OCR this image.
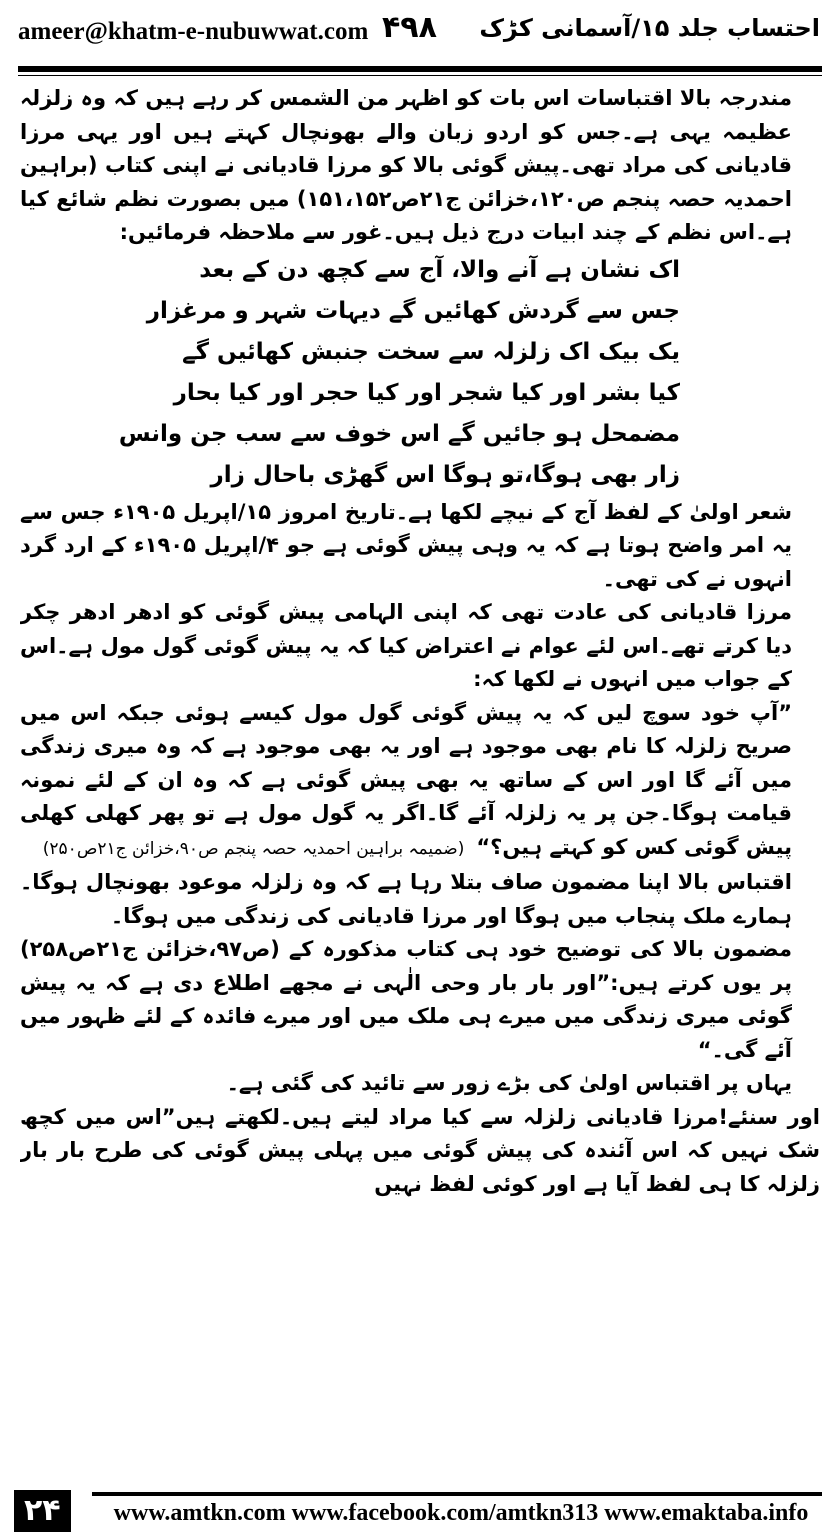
ameer@khatm-e-nubuwwat.com ۴۹۸ احتساب جلد ۱۵/آسمانی کڑک

مندرجہ بالا اقتباسات اس بات کو اظہر من الشمس کر رہے ہیں کہ وہ زلزلہ عظیمہ یہی ہے۔جس کو اردو زبان والے بھونچال کہتے ہیں اور یہی مرزا قادیانی کی مراد تھی۔پیش گوئی بالا کو مرزا قادیانی نے اپنی کتاب (براہین احمدیہ حصہ پنجم ص۱۲۰،خزائن ج۲۱ص۱۵۱،۱۵۲) میں بصورت نظم شائع کیا ہے۔اس نظم کے چند ابیات درج ذیل ہیں۔غور سے ملاحظہ فرمائیں:

اک نشان ہے آنے والا، آج سے کچھ دن کے بعد
جس سے گردش کھائیں گے دیہات شہر و مرغزار
یک بیک اک زلزلہ سے سخت جنبش کھائیں گے
کیا بشر اور کیا شجر اور کیا حجر اور کیا بحار
مضمحل ہو جائیں گے اس خوف سے سب جن وانس
زار بھی ہوگا،تو ہوگا اس گھڑی باحال زار

شعر اولیٰ کے لفظ آج کے نیچے لکھا ہے۔تاریخ امروز ۱۵/اپریل ۱۹۰۵ء جس سے یہ امر واضح ہوتا ہے کہ یہ وہی پیش گوئی ہے جو ۴/اپریل ۱۹۰۵ء کے ارد گرد انہوں نے کی تھی۔

مرزا قادیانی کی عادت تھی کہ اپنی الہامی پیش گوئی کو ادھر ادھر چکر دیا کرتے تھے۔اس لئے عوام نے اعتراض کیا کہ یہ پیش گوئی گول مول ہے۔اس کے جواب میں انہوں نے لکھا کہ:

”آپ خود سوچ لیں کہ یہ پیش گوئی گول مول کیسے ہوئی جبکہ اس میں صریح زلزلہ کا نام بھی موجود ہے اور یہ بھی موجود ہے کہ وہ میری زندگی میں آئے گا اور اس کے ساتھ یہ بھی پیش گوئی ہے کہ وہ ان کے لئے نمونہ قیامت ہوگا۔جن پر یہ زلزلہ آئے گا۔اگر یہ گول مول ہے تو پھر کھلی کھلی پیش گوئی کس کو کہتے ہیں؟“(ضمیمہ براہین احمدیہ حصہ پنجم ص۹۰،خزائن ج۲۱ص۲۵۰)

اقتباس بالا اپنا مضمون صاف بتلا رہا ہے کہ وہ زلزلہ موعود بھونچال ہوگا۔ہمارے ملک پنجاب میں ہوگا اور مرزا قادیانی کی زندگی میں ہوگا۔

مضمون بالا کی توضیح خود ہی کتاب مذکورہ کے (ص۹۷،خزائن ج۲۱ص۲۵۸) پر یوں کرتے ہیں:”اور بار بار وحی الٰہی نے مجھے اطلاع دی ہے کہ یہ پیش گوئی میری زندگی میں میرے ہی ملک میں اور میرے فائدہ کے لئے ظہور میں آئے گی۔“

یہاں پر اقتباس اولیٰ کی بڑے زور سے تائید کی گئی ہے۔

اور سنئے!مرزا قادیانی زلزلہ سے کیا مراد لیتے ہیں۔لکھتے ہیں”اس میں کچھ شک نہیں کہ اس آئندہ کی پیش گوئی میں پہلی پیش گوئی کی طرح بار بار زلزلہ کا ہی لفظ آیا ہے اور کوئی لفظ نہیں

۲۴	www.amtkn.com www.facebook.com/amtkn313 www.emaktaba.info
